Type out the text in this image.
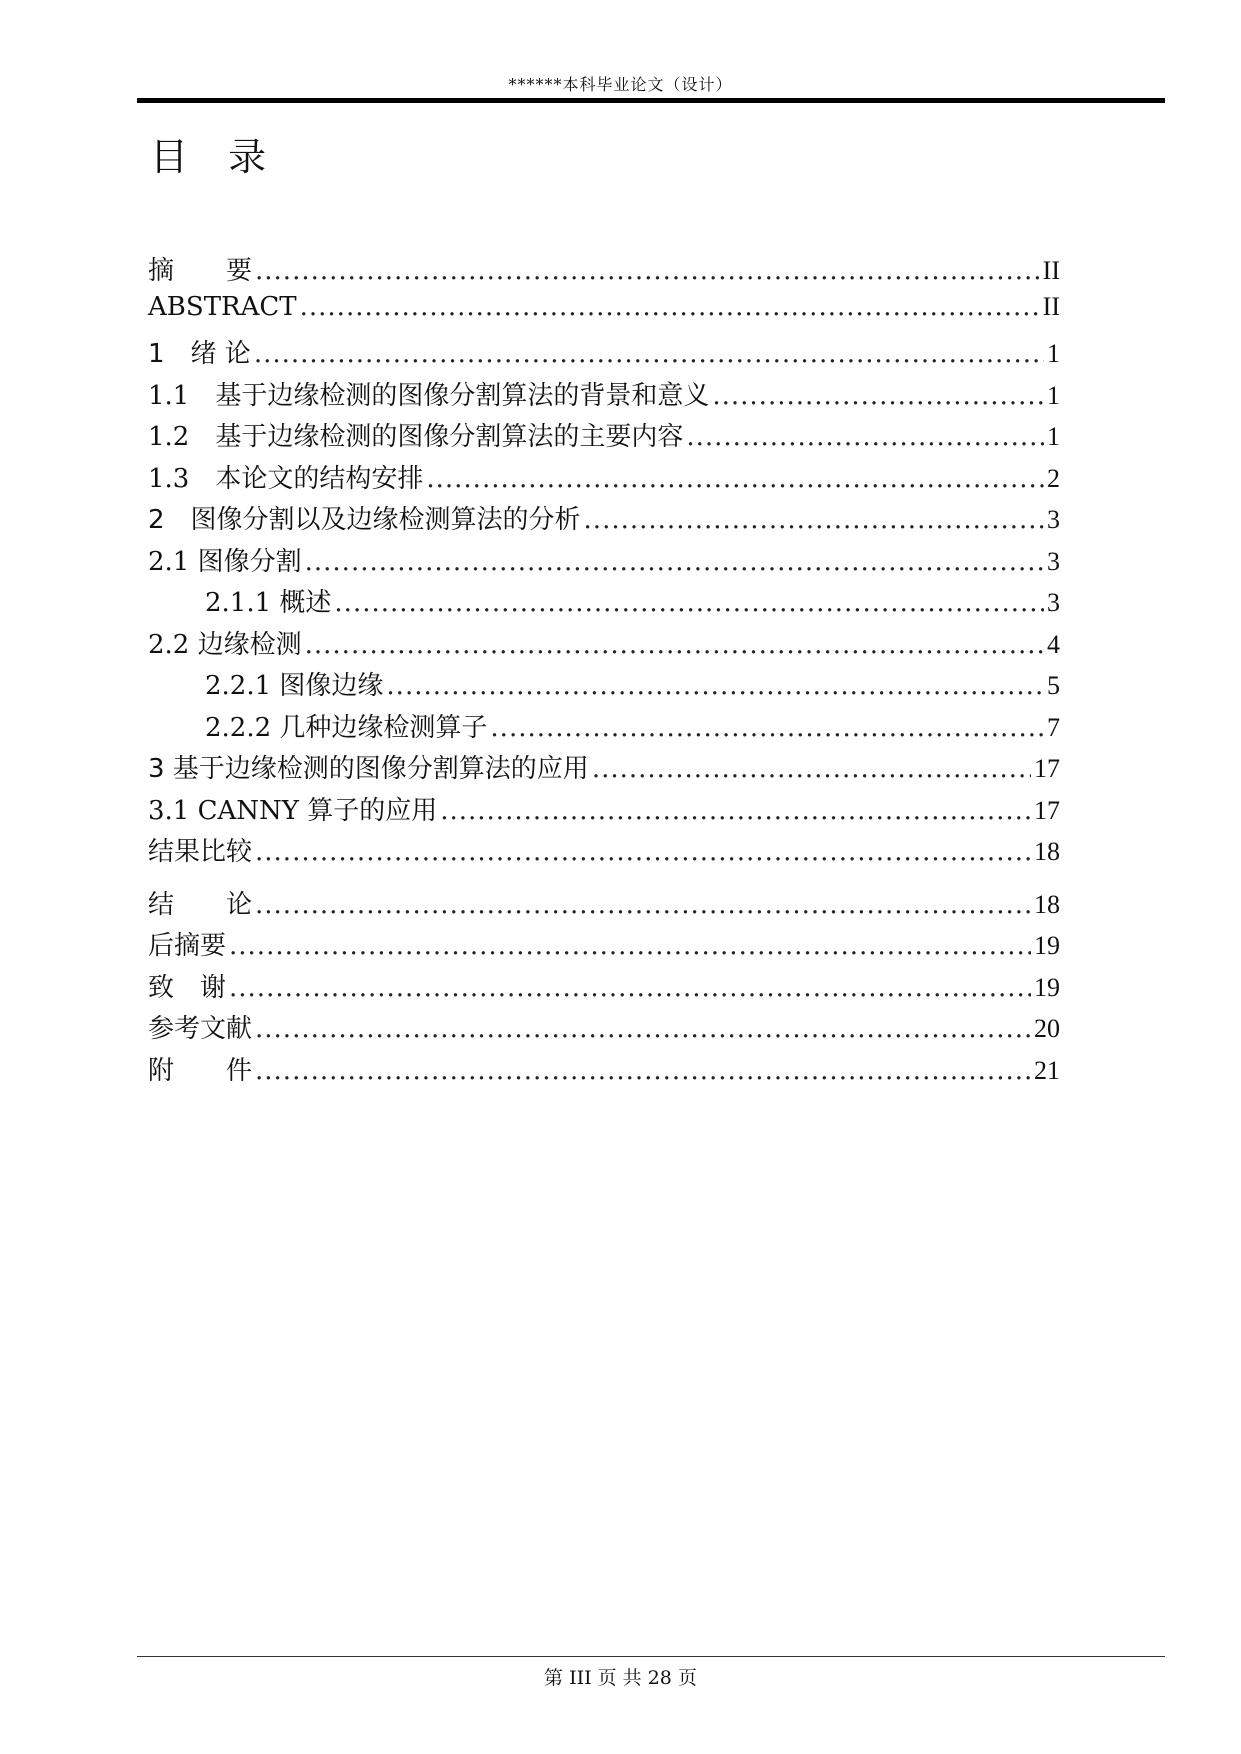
******本科毕业论文（设计）
目 录
摘　　要 .....	II
ABSTRACT .....	II
1　绪 论 .....	1
1.1　基于边缘检测的图像分割算法的背景和意义 .....	1
1.2　基于边缘检测的图像分割算法的主要内容 .....	1
1.3　本论文的结构安排 .....	2
2　图像分割以及边缘检测算法的分析 .....	3
2.1 图像分割 .....	3
2.1.1 概述 .....	3
2.2 边缘检测 .....	4
2.2.1 图像边缘 .....	5
2.2.2 几种边缘检测算子 .....	7
3 基于边缘检测的图像分割算法的应用 .....	17
3.1 CANNY 算子的应用 .....	17
结果比较 .....	18
结　　论 .....	18
后摘要 .....	19
致　谢 .....	19
参考文献 .....	20
附　　件 .....	21
第 III 页 共 28 页
